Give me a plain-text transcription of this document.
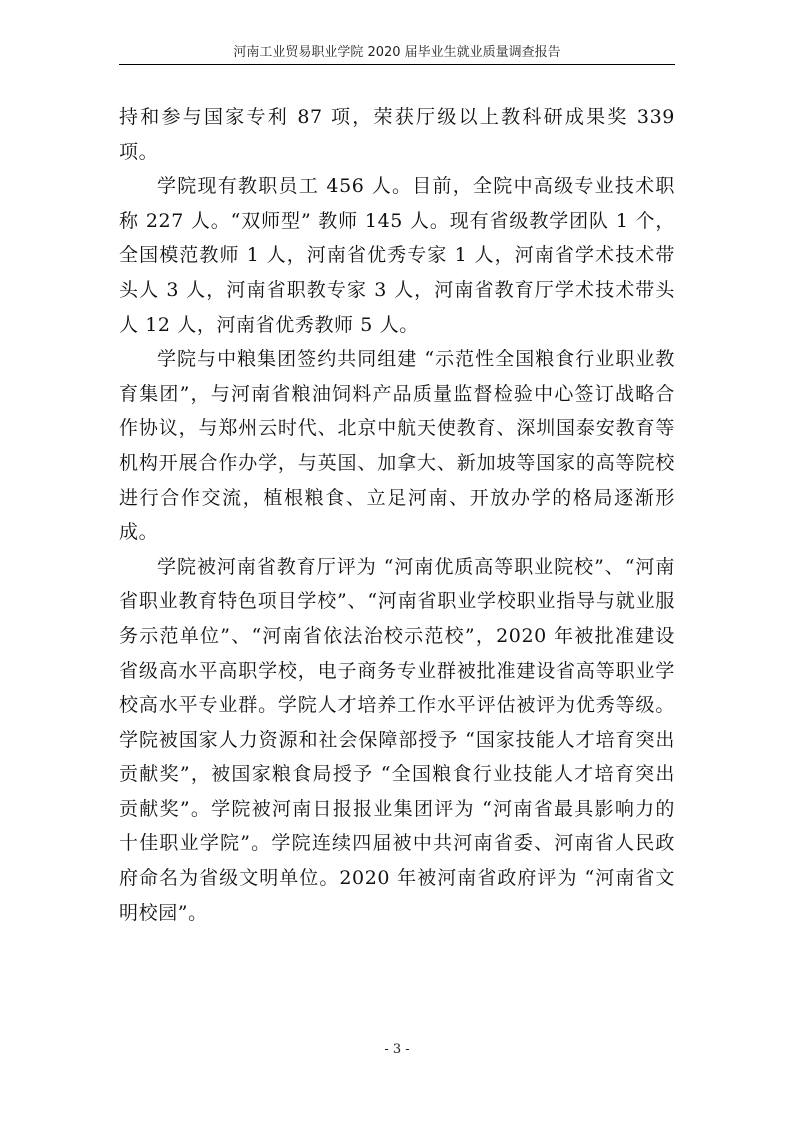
河南工业贸易职业学院 2020 届毕业生就业质量调查报告

持和参与国家专利 87 项，荣获厅级以上教科研成果奖 339 项。

学院现有教职员工 456 人。目前，全院中高级专业技术职称 227 人。“双师型” 教师 145 人。现有省级教学团队 1 个，全国模范教师 1 人，河南省优秀专家 1 人，河南省学术技术带头人 3 人，河南省职教专家 3 人，河南省教育厅学术技术带头人 12 人，河南省优秀教师 5 人。

学院与中粮集团签约共同组建 “示范性全国粮食行业职业教育集团”，与河南省粮油饲料产品质量监督检验中心签订战略合作协议，与郑州云时代、北京中航天使教育、深圳国泰安教育等机构开展合作办学，与英国、加拿大、新加坡等国家的高等院校进行合作交流，植根粮食、立足河南、开放办学的格局逐渐形成。

学院被河南省教育厅评为 “河南优质高等职业院校”、“河南省职业教育特色项目学校”、“河南省职业学校职业指导与就业服务示范单位”、“河南省依法治校示范校”，2020 年被批准建设省级高水平高职学校，电子商务专业群被批准建设省高等职业学校高水平专业群。学院人才培养工作水平评估被评为优秀等级。学院被国家人力资源和社会保障部授予 “国家技能人才培育突出贡献奖”，被国家粮食局授予 “全国粮食行业技能人才培育突出贡献奖”。学院被河南日报报业集团评为 “河南省最具影响力的十佳职业学院”。学院连续四届被中共河南省委、河南省人民政府命名为省级文明单位。2020 年被河南省政府评为 “河南省文明校园”。

- 3 -
